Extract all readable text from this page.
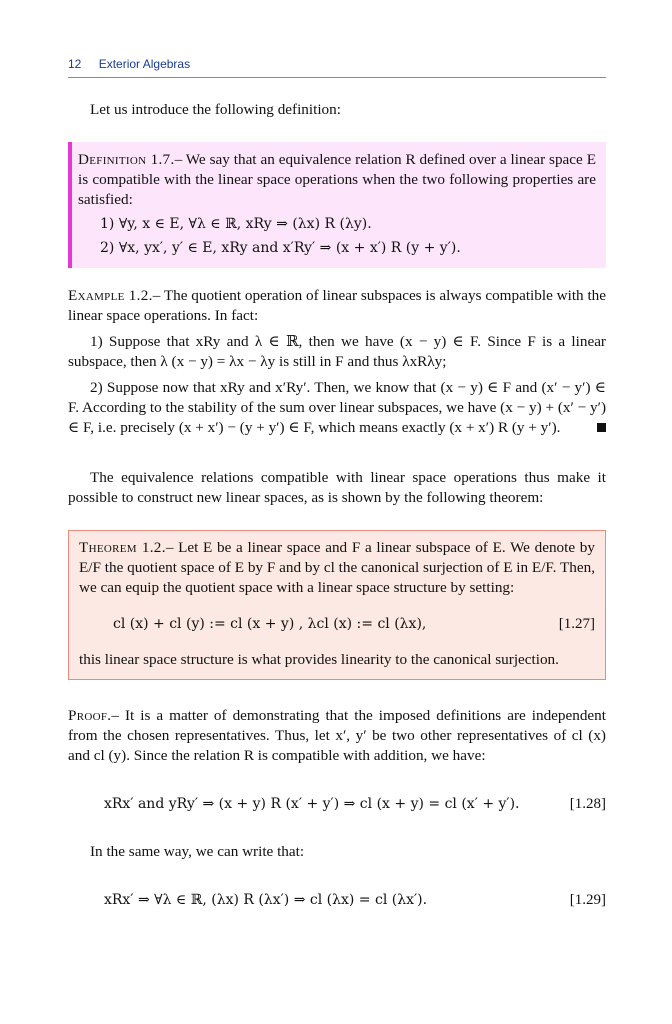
12 Exterior Algebras

Let us introduce the following definition:

Definition 1.7.– We say that an equivalence relation R defined over a linear space E is compatible with the linear space operations when the two following properties are satisfied:

1) ∀y, x ∈ E, ∀λ ∈ ℝ, xRy ⇒ (λx) R (λy).
2) ∀x, yx′, y′ ∈ E, xRy and x′Ry′ ⇒ (x + x′) R (y + y′).

Example 1.2.– The quotient operation of linear subspaces is always compatible with the linear space operations. In fact:

1) Suppose that xRy and λ ∈ ℝ, then we have (x − y) ∈ F. Since F is a linear subspace, then λ (x − y) = λx − λy is still in F and thus λxRλy;

2) Suppose now that xRy and x′Ry′. Then, we know that (x − y) ∈ F and (x′ − y′) ∈ F. According to the stability of the sum over linear subspaces, we have (x − y) + (x′ − y′) ∈ F, i.e. precisely (x + x′) − (y + y′) ∈ F, which means exactly (x + x′) R (y + y′).

The equivalence relations compatible with linear space operations thus make it possible to construct new linear spaces, as is shown by the following theorem:

Theorem 1.2.– Let E be a linear space and F a linear subspace of E. We denote by E/F the quotient space of E by F and by cl the canonical surjection of E in E/F. Then, we can equip the quotient space with a linear space structure by setting:

cl (x) + cl (y) := cl (x + y) , λcl (x) := cl (λx),	[1.27]

this linear space structure is what provides linearity to the canonical surjection.

Proof.– It is a matter of demonstrating that the imposed definitions are independent from the chosen representatives. Thus, let x′, y′ be two other representatives of cl (x) and cl (y). Since the relation R is compatible with addition, we have:

xRx′ and yRy′ ⇒ (x + y) R (x′ + y′) ⇒ cl (x + y) = cl (x′ + y′).	[1.28]

In the same way, we can write that:

xRx′ ⇒ ∀λ ∈ ℝ, (λx) R (λx′) ⇒ cl (λx) = cl (λx′).	[1.29]
